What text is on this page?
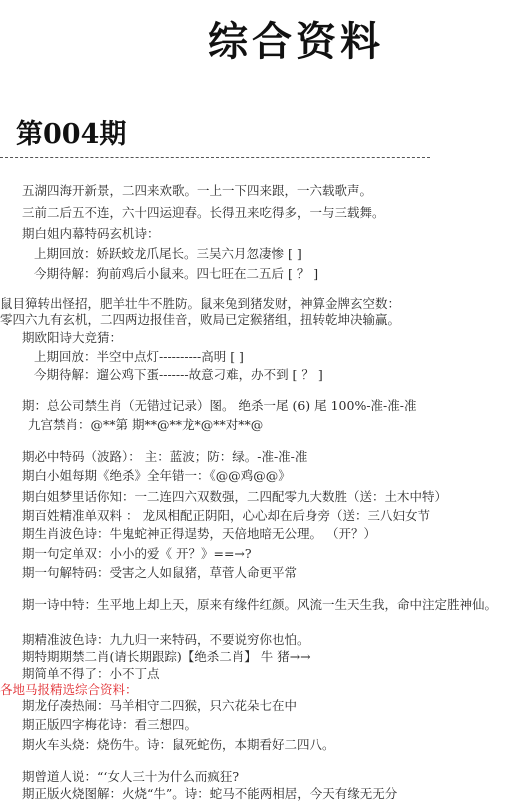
综合资料
第004期
五湖四海开新景，二四来欢歌。一上一下四来跟，一六载歌声。
三前二后五不连，六十四运迎春。长得丑来吃得多，一与三载舞。
期白姐内幕特码玄机诗：
上期回放：娇跃蛟龙爪尾长。三吴六月忽凄惨 [ ]
今期待解：狗前鸡后小鼠来。四七旺在二五后 [ ？ ]
鼠目獐转出怪招，肥羊壮牛不胜防。鼠来兔到猪发财，神算金牌玄空数：
零四六九有玄机，二四两边报佳音，败局已定猴猪组，扭转乾坤决输赢。
期欧阳诗大竞猜：
上期回放：半空中点灯----------高明 [ ]
今期待解：遛公鸡下蛋-------故意刁难，办不到 [ ？ ]
期：总公司禁生肖（无错过记录）图。 绝杀一尾 (6) 尾 100%-准-准-准
九宫禁肖：@**第 期**@**龙*@**对**@
期必中特码（波路）： 主：蓝波；防：绿。-准-准-准
期白小姐每期《绝杀》全年错一：《@@鸡@@》
期白姐梦里话你知：一二连四六双数强，二四配零九大数胜（送：土木中特）
期百姓精准单双料 ： 龙凤相配正阴阳，心心却在后身旁（送：三八妇女节
期生肖波色诗：牛鬼蛇神正得逞势，天倍地暗无公理。 （开？）
期一句定单双：小小的爱《 开？》==→?
期一句解特码：受害之人如鼠猪，草菅人命更平常
期一诗中特：生平地上却上天，原来有缘件红颜。风流一生天生我，命中注定胜神仙。
期精准波色诗：九九归一来特码，不要说穷你也怕。
期特期期禁二肖(请长期跟踪)【绝杀二肖】 牛 猪→→
期简单不得了：小不丁点
各地马报精选综合资料：
期龙仔凑热闹：马羊相守二四猴，只六花朵七在中
期正版四字梅花诗：看三想四。
期火车头烧：烧伤牛。诗：鼠死蛇伤，本期看好二四八。
期曾道人说：“‘女人三十为什么而疯狂?
期正版火烧图解：火烧“牛”。诗：蛇马不能两相居，今天有缘无无分
